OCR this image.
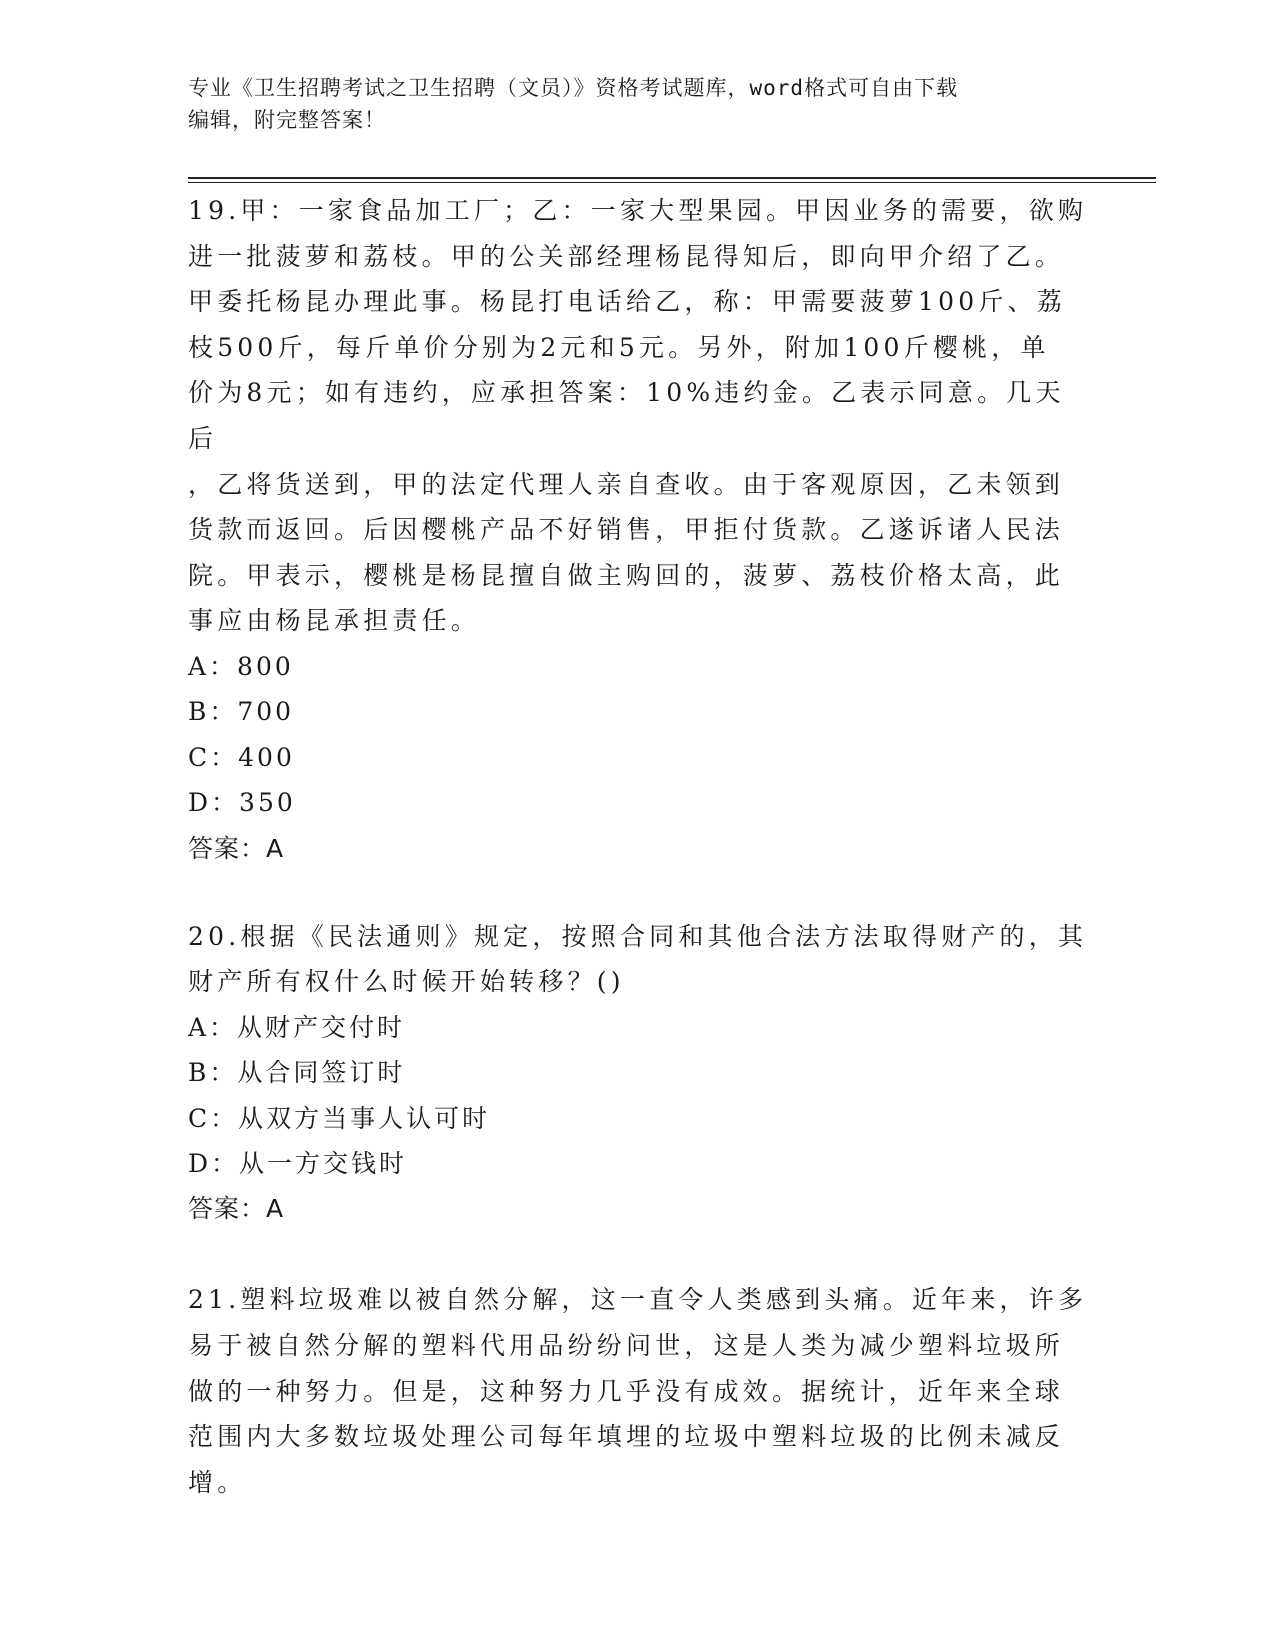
专业《卫生招聘考试之卫生招聘（文员）》资格考试题库，word格式可自由下载
编辑，附完整答案！

19.甲：一家食品加工厂；乙：一家大型果园。甲因业务的需要，欲购

进一批菠萝和荔枝。甲的公关部经理杨昆得知后，即向甲介绍了乙。

甲委托杨昆办理此事。杨昆打电话给乙，称：甲需要菠萝100斤、荔

枝500斤，每斤单价分别为2元和5元。另外，附加100斤樱桃，单

价为8元；如有违约，应承担答案：10%违约金。乙表示同意。几天后

，乙将货送到，甲的法定代理人亲自查收。由于客观原因，乙未领到

货款而返回。后因樱桃产品不好销售，甲拒付货款。乙遂诉诸人民法

院。甲表示，樱桃是杨昆擅自做主购回的，菠萝、荔枝价格太高，此

事应由杨昆承担责任。

A：800

B：700

C：400

D：350

答案：A

20.根据《民法通则》规定，按照合同和其他合法方法取得财产的，其

财产所有权什么时候开始转移？()

A：从财产交付时

B：从合同签订时

C：从双方当事人认可时

D：从一方交钱时

答案：A

21.塑料垃圾难以被自然分解，这一直令人类感到头痛。近年来，许多

易于被自然分解的塑料代用品纷纷问世，这是人类为减少塑料垃圾所

做的一种努力。但是，这种努力几乎没有成效。据统计，近年来全球

范围内大多数垃圾处理公司每年填埋的垃圾中塑料垃圾的比例未减反

增。
